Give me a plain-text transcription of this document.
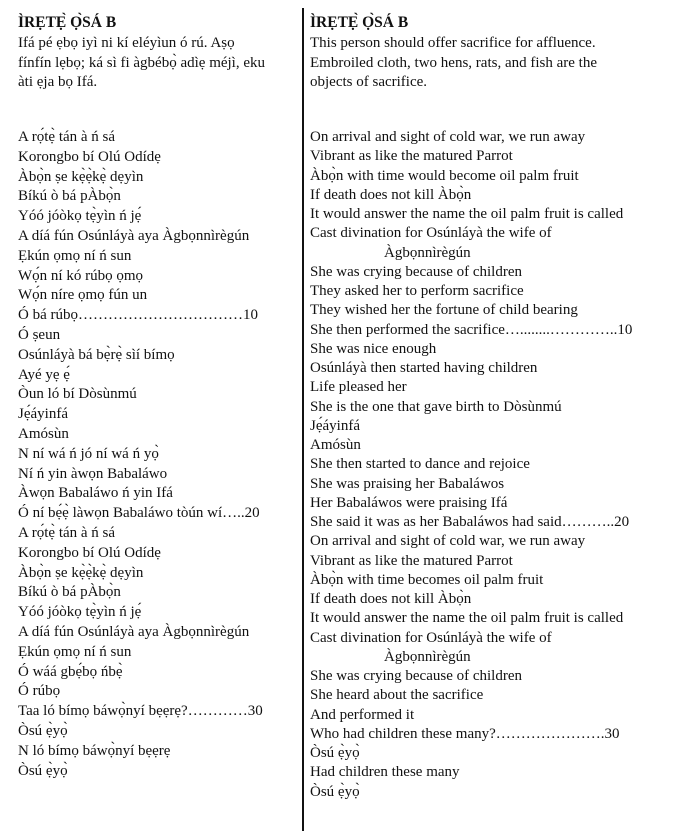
ÌRẸTẸ̀ Ọ̀SÁ B
Ifá pé ẹbọ iyì ni kí eléyìun ó rú. Aṣọ
fínfín lẹbọ; ká sì fi àgbébọ̀ adìẹ méjì, eku
àti ẹja bọ Ifá.
A rọ́tẹ̀ tán à ń sá
Korongbo bí Olú Odídẹ
Àbọ̀n ṣe kẹ̀ẹ̀kẹ̀ dẹyìn
Bíkú ò bá pÀbọ̀n
Yóó jóòkọ tẹ̀yìn ń jẹ́
A díá fún Osúnláyà aya Àgbọnnìrègún
Ẹkún ọmọ ní ń sun
Wọ́n ní kó rúbọ ọmọ
Wọ́n níre ọmọ fún un
Ó bá rúbọ……………………………10
Ó ṣeun
Osúnláyà bá bẹ̀rẹ̀ sìí bímọ
Ayé yẹ ẹ́
Òun ló bí Dòsùnmú
Jẹ́áyinfá
Amósùn
N ní wá ń jó ní wá ń yọ̀
Ní ń yin àwọn Babaláwo
Àwọn Babaláwo ń yin Ifá
Ó ní bẹ́ẹ̀ làwọn Babaláwo tòún wí…..20
A rọ́tẹ̀ tán à ń sá
Korongbo bí Olú Odídẹ
Àbọ̀n ṣe kẹ̀ẹ̀kẹ̀ dẹyìn
Bíkú ò bá pÀbọ̀n
Yóó jóòkọ tẹ̀yìn ń jẹ́
A díá fún Osúnláyà aya Àgbọnnìrègún
Ẹkún ọmọ ní ń sun
Ó wáá gbẹ́bọ ńbẹ̀
Ó rúbọ
Taa ló bímọ báwọ̀nyí bẹẹrẹ?…………30
Òsú ẹ̀yọ̀
N ló bímọ báwọ̀nyí bẹẹrẹ
Òsú ẹ̀yọ̀
ÌRẸTẸ̀ Ọ̀SÁ B
This person should offer sacrifice for affluence.
Embroiled cloth, two hens, rats, and fish are the
objects of sacrifice.
On arrival and sight of cold war, we run away
Vibrant as like the matured Parrot
Àbọ̀n with time would become oil palm fruit
If death does not kill Àbọ̀n
It would answer the name the oil palm fruit is called
Cast divination for Osúnláyà the wife of
Àgbọnnìrègún
She was crying because of children
They asked her to perform sacrifice
They wished her the fortune of child bearing
She then performed the sacrifice…........…………..10
She was nice enough
Osúnláyà then started having children
Life pleased her
She is the one that gave birth to Dòsùnmú
Jẹ́áyinfá
Amósùn
She then started to dance and rejoice
She was praising her Babaláwos
Her Babaláwos were praising Ifá
She said it was as her Babaláwos had said………..20
On arrival and sight of cold war, we run away
Vibrant as like the matured Parrot
Àbọ̀n with time becomes oil palm fruit
If death does not kill Àbọ̀n
It would answer the name the oil palm fruit is called
Cast divination for Osúnláyà the wife of
Àgbọnnìrègún
She was crying because of children
She heard about the sacrifice
And performed it
Who had children these many?………………….30
Òsú ẹ̀yọ̀
Had children these many
Òsú ẹ̀yọ̀
